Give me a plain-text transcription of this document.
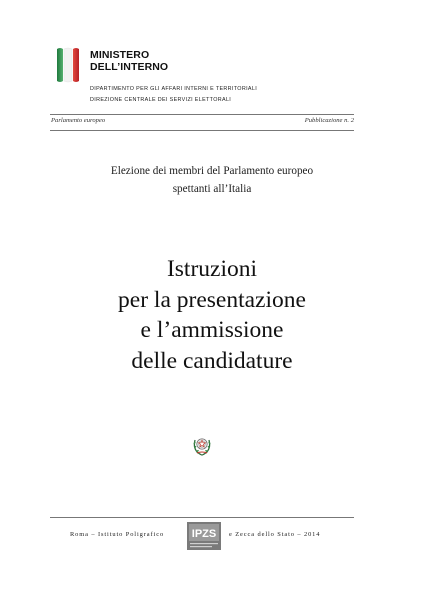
MINISTERO
DELL’INTERNO
DIPARTIMENTO PER GLI AFFARI INTERNI E TERRITORIALI
DIREZIONE CENTRALE DEI SERVIZI ELETTORALI
Parlamento europeo	Pubblicazione n. 2
Elezione dei membri del Parlamento europeo
spettanti all’Italia
Istruzioni
per la presentazione
e l’ammissione
delle candidature
Roma – Istituto Poligrafico	IPZS e Zecca dello Stato – 2014
